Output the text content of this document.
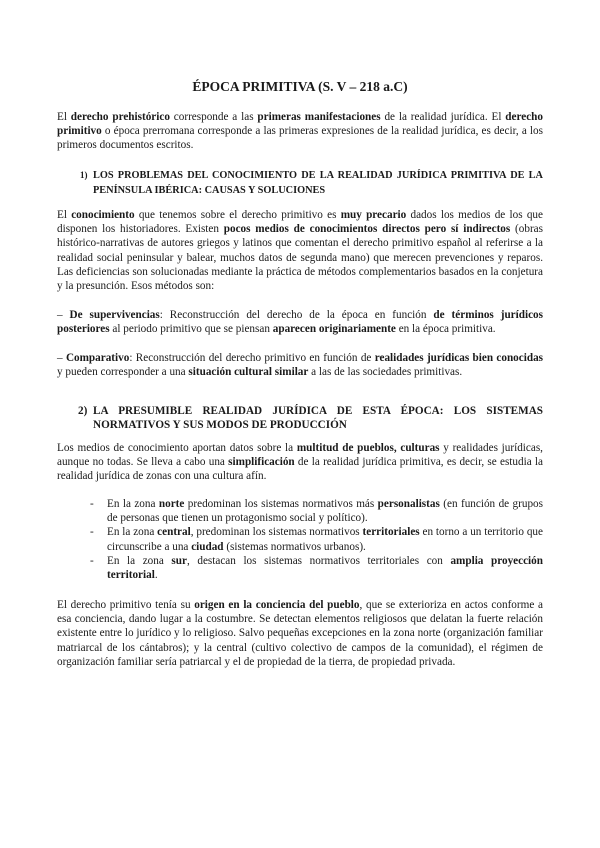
ÉPOCA PRIMITIVA (S. V – 218 a.C)

El derecho prehistórico corresponde a las primeras manifestaciones de la realidad jurídica. El derecho primitivo o época prerromana corresponde a las primeras expresiones de la realidad jurídica, es decir, a los primeros documentos escritos.

1) LOS PROBLEMAS DEL CONOCIMIENTO DE LA REALIDAD JURÍDICA PRIMITIVA DE LA PENÍNSULA IBÉRICA: CAUSAS Y SOLUCIONES

El conocimiento que tenemos sobre el derecho primitivo es muy precario dados los medios de los que disponen los historiadores. Existen pocos medios de conocimientos directos pero sí indirectos (obras histórico-narrativas de autores griegos y latinos que comentan el derecho primitivo español al referirse a la realidad social peninsular y balear, muchos datos de segunda mano) que merecen prevenciones y reparos. Las deficiencias son solucionadas mediante la práctica de métodos complementarios basados en la conjetura y la presunción. Esos métodos son:

– De supervivencias: Reconstrucción del derecho de la época en función de términos jurídicos posteriores al periodo primitivo que se piensan aparecen originariamente en la época primitiva.

– Comparativo: Reconstrucción del derecho primitivo en función de realidades jurídicas bien conocidas y pueden corresponder a una situación cultural similar a las de las sociedades primitivas.

2) LA PRESUMIBLE REALIDAD JURÍDICA DE ESTA ÉPOCA: LOS SISTEMAS NORMATIVOS Y SUS MODOS DE PRODUCCIÓN

Los medios de conocimiento aportan datos sobre la multitud de pueblos, culturas y realidades jurídicas, aunque no todas. Se lleva a cabo una simplificación de la realidad jurídica primitiva, es decir, se estudia la realidad jurídica de zonas con una cultura afín.

- En la zona norte predominan los sistemas normativos más personalistas (en función de grupos de personas que tienen un protagonismo social y político).
- En la zona central, predominan los sistemas normativos territoriales en torno a un territorio que circunscribe a una ciudad (sistemas normativos urbanos).
- En la zona sur, destacan los sistemas normativos territoriales con amplia proyección territorial.

El derecho primitivo tenía su origen en la conciencia del pueblo, que se exterioriza en actos conforme a esa conciencia, dando lugar a la costumbre. Se detectan elementos religiosos que delatan la fuerte relación existente entre lo jurídico y lo religioso. Salvo pequeñas excepciones en la zona norte (organización familiar matriarcal de los cántabros); y la central (cultivo colectivo de campos de la comunidad), el régimen de organización familiar sería patriarcal y el de propiedad de la tierra, de propiedad privada.
